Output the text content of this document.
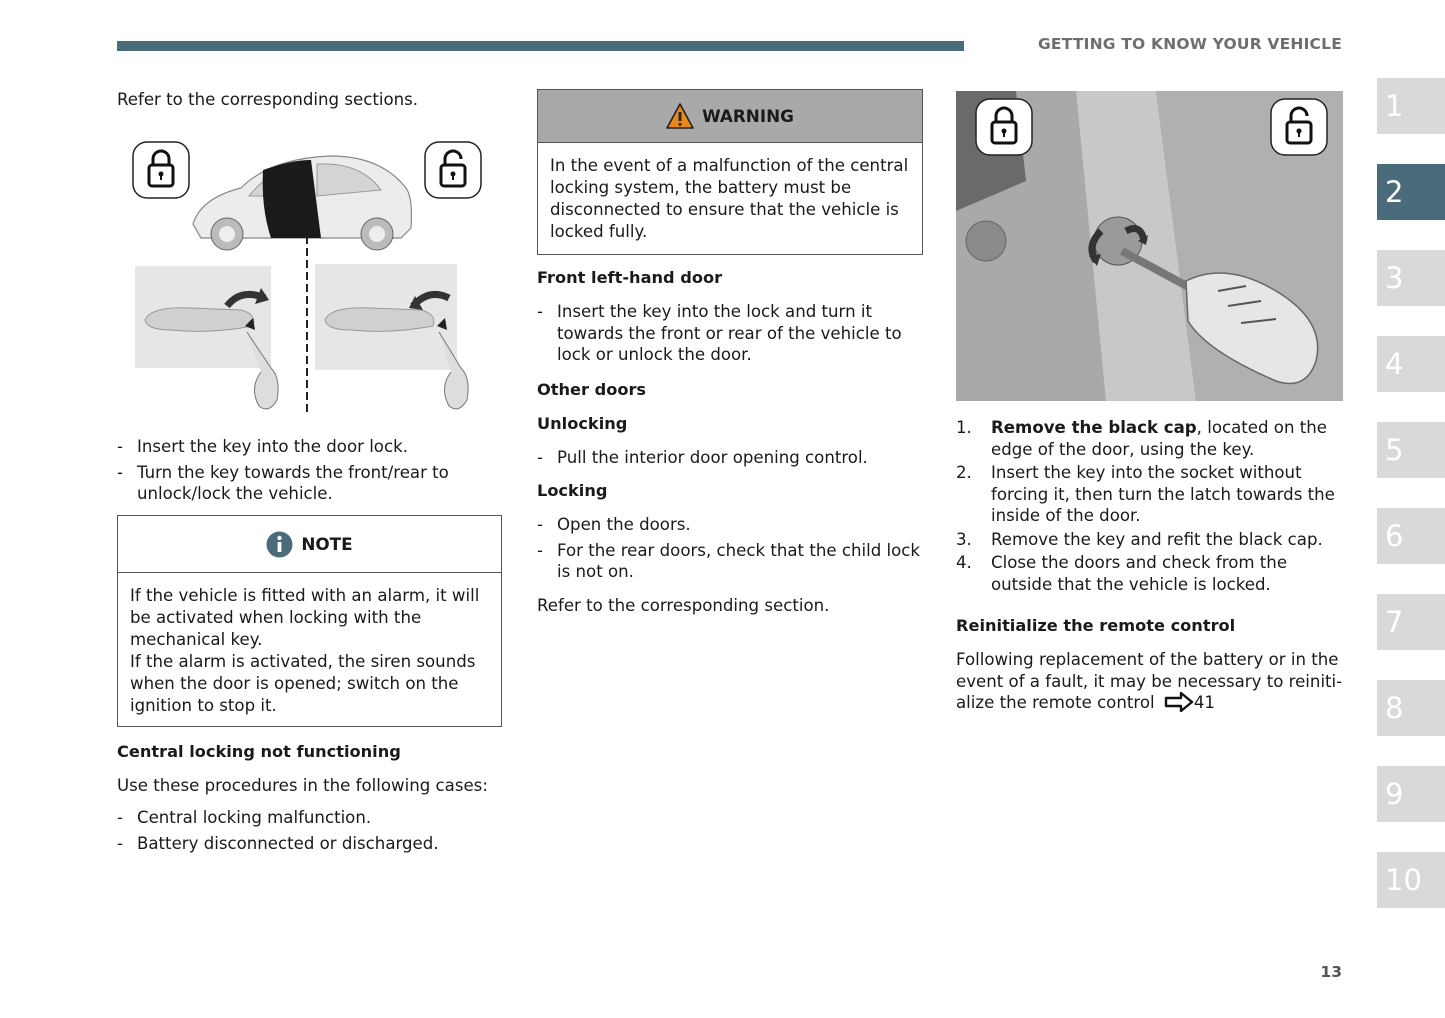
GETTING TO KNOW YOUR VEHICLE

Refer to the corresponding sections.

- Insert the key into the door lock.
- Turn the key towards the front/rear to unlock/lock the vehicle.
NOTE
If the vehicle is fitted with an alarm, it will be activated when locking with the mechanical key.
If the alarm is activated, the siren sounds when the door is opened; switch on the ignition to stop it.
Central locking not functioning

Use these procedures in the following cases:

- Central locking malfunction.
- Battery disconnected or discharged.
WARNING
In the event of a malfunction of the central locking system, the battery must be disconnected to ensure that the vehicle is locked fully.
Front left-hand door
- Insert the key into the lock and turn it towards the front or rear of the vehicle to lock or unlock the door.
Other doors
Unlocking
- Pull the interior door opening control.
Locking
- Open the doors.
- For the rear doors, check that the child lock is not on.

Refer to the corresponding section.

1. Remove the black cap, located on the edge of the door, using the key.
2. Insert the key into the socket without forcing it, then turn the latch towards the inside of the door.
3. Remove the key and refit the black cap.
4. Close the doors and check from the outside that the vehicle is locked.
Reinitialize the remote control

Following replacement of the battery or in the event of a fault, it may be necessary to reiniti-alize the remote control 41

1
2
3
4
5
6
7
8
9
10
13
